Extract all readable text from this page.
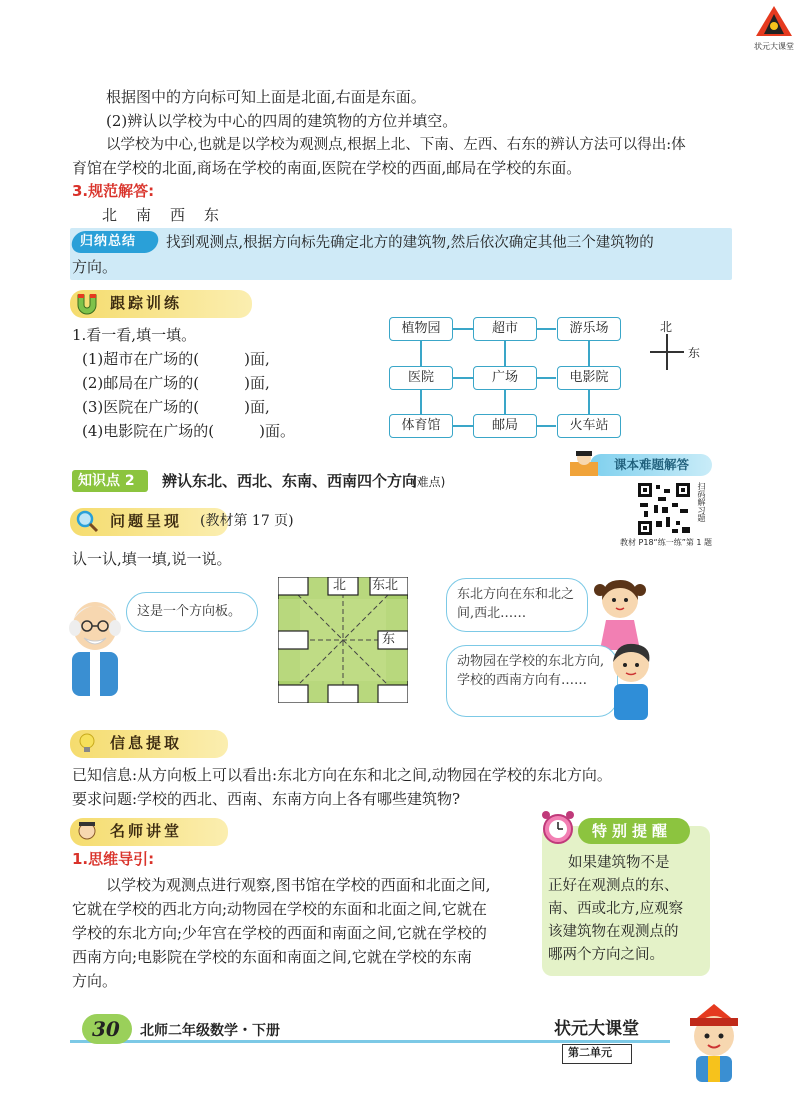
状元大课堂
根据图中的方向标可知上面是北面,右面是东面。
(2)辨认以学校为中心的四周的建筑物的方位并填空。
以学校为中心,也就是以学校为观测点,根据上北、下南、左西、右东的辨认方法可以得出:体
育馆在学校的北面,商场在学校的南面,医院在学校的西面,邮局在学校的东面。
3.规范解答:
北　南　西　东
归纳总结 找到观测点,根据方向标先确定北方的建筑物,然后依次确定其他三个建筑物的
方向。
跟踪训练
1.看一看,填一填。
(1)超市在广场的(　　　)面,
(2)邮局在广场的(　　　)面,
(3)医院在广场的(　　　)面,
(4)电影院在广场的(　　　)面。
植物园	超市	游乐场
医院	广场	电影院
体育馆	邮局	火车站
北
东
知识点 2 辨认东北、西北、东南、西南四个方向
(难点)
课本难题解答
扫码解习题
教材 P18“练一练”第 1 题
问题呈现	(教材第 17 页)
认一认,填一填,说一说。
这是一个方向板。
北 东北
东
东北方向在东和北之间,西北……
动物园在学校的东北方向,学校的西南方向有……
信息提取
已知信息:从方向板上可以看出:东北方向在东和北之间,动物园在学校的东北方向。
要求问题:学校的西北、西南、东南方向上各有哪些建筑物?
名师讲堂
1.思维导引:
以学校为观测点进行观察,图书馆在学校的西面和北面之间,
它就在学校的西北方向;动物园在学校的东面和北面之间,它就在
学校的东北方向;少年宫在学校的西面和南面之间,它就在学校的
西南方向;电影院在学校的东面和南面之间,它就在学校的东南
方向。
特别提醒
如果建筑物不是
正好在观测点的东、
南、西或北方,应观察
该建筑物在观测点的
哪两个方向之间。
30 北师二年级数学・下册	状元大课堂
第二单元
